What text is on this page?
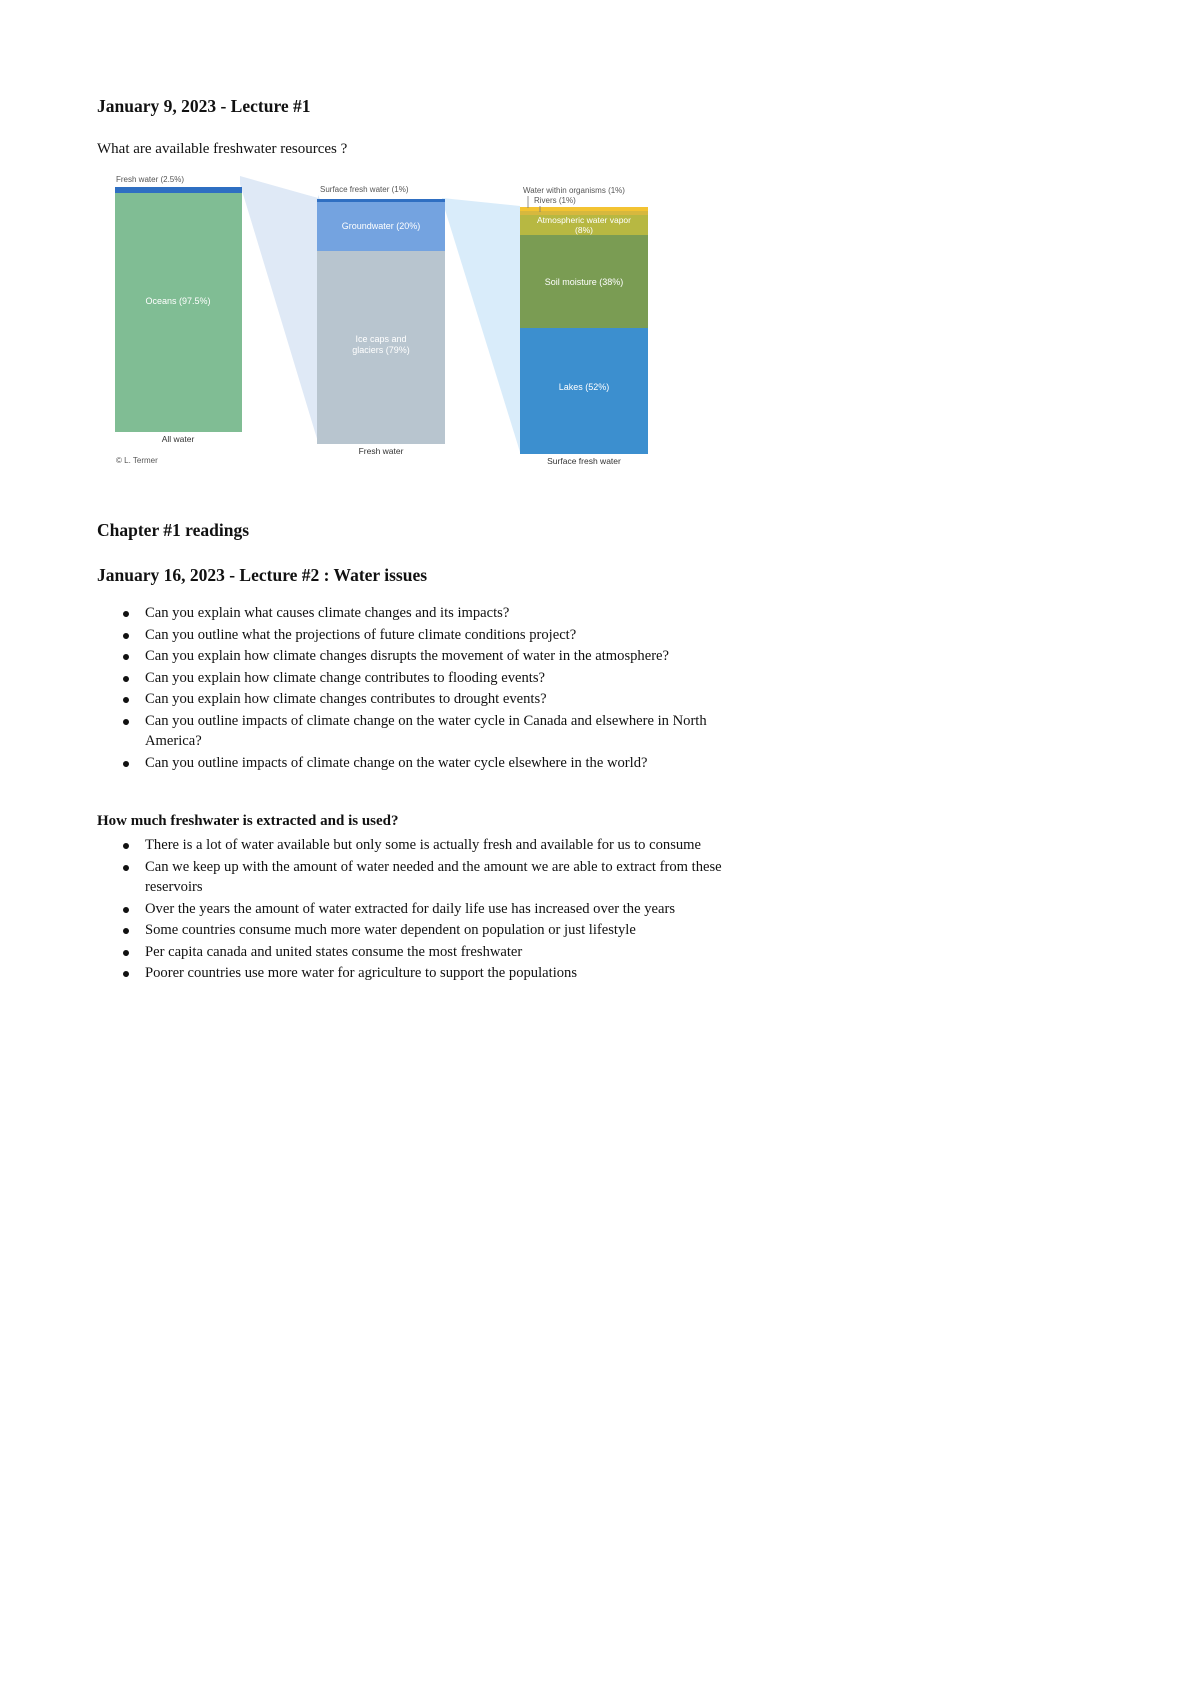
January 9, 2023 - Lecture #1

What are available freshwater resources ?

Oceans (97.5%)
Fresh water (2.5%)
All water
Groundwater (20%)
Ice caps and
glaciers (79%)
Surface fresh water (1%)
Fresh water
Atmospheric water vapor
(8%)
Soil moisture (38%)
Lakes (52%)
Water within organisms (1%)
Rivers (1%)
Surface fresh water
© L. Termer
Chapter #1 readings
January 16, 2023 - Lecture #2 : Water issues
Can you explain what causes climate changes and its impacts?
Can you outline what the projections of future climate conditions project?
Can you explain how climate changes disrupts the movement of water in the atmosphere?
Can you explain how climate change contributes to flooding events?
Can you explain how climate changes contributes to drought events?
Can you outline impacts of climate change on the water cycle in Canada and elsewhere in North America?
Can you outline impacts of climate change on the water cycle elsewhere in the world?
How much freshwater is extracted and is used?
There is a lot of water available but only some is actually fresh and available for us to consume
Can we keep up with the amount of water needed and the amount we are able to extract from these reservoirs
Over the years the amount of water extracted for daily life use has increased over the years
Some countries consume much more water dependent on population or just lifestyle
Per capita canada and united states consume the most freshwater
Poorer countries use more water for agriculture to support the populations
